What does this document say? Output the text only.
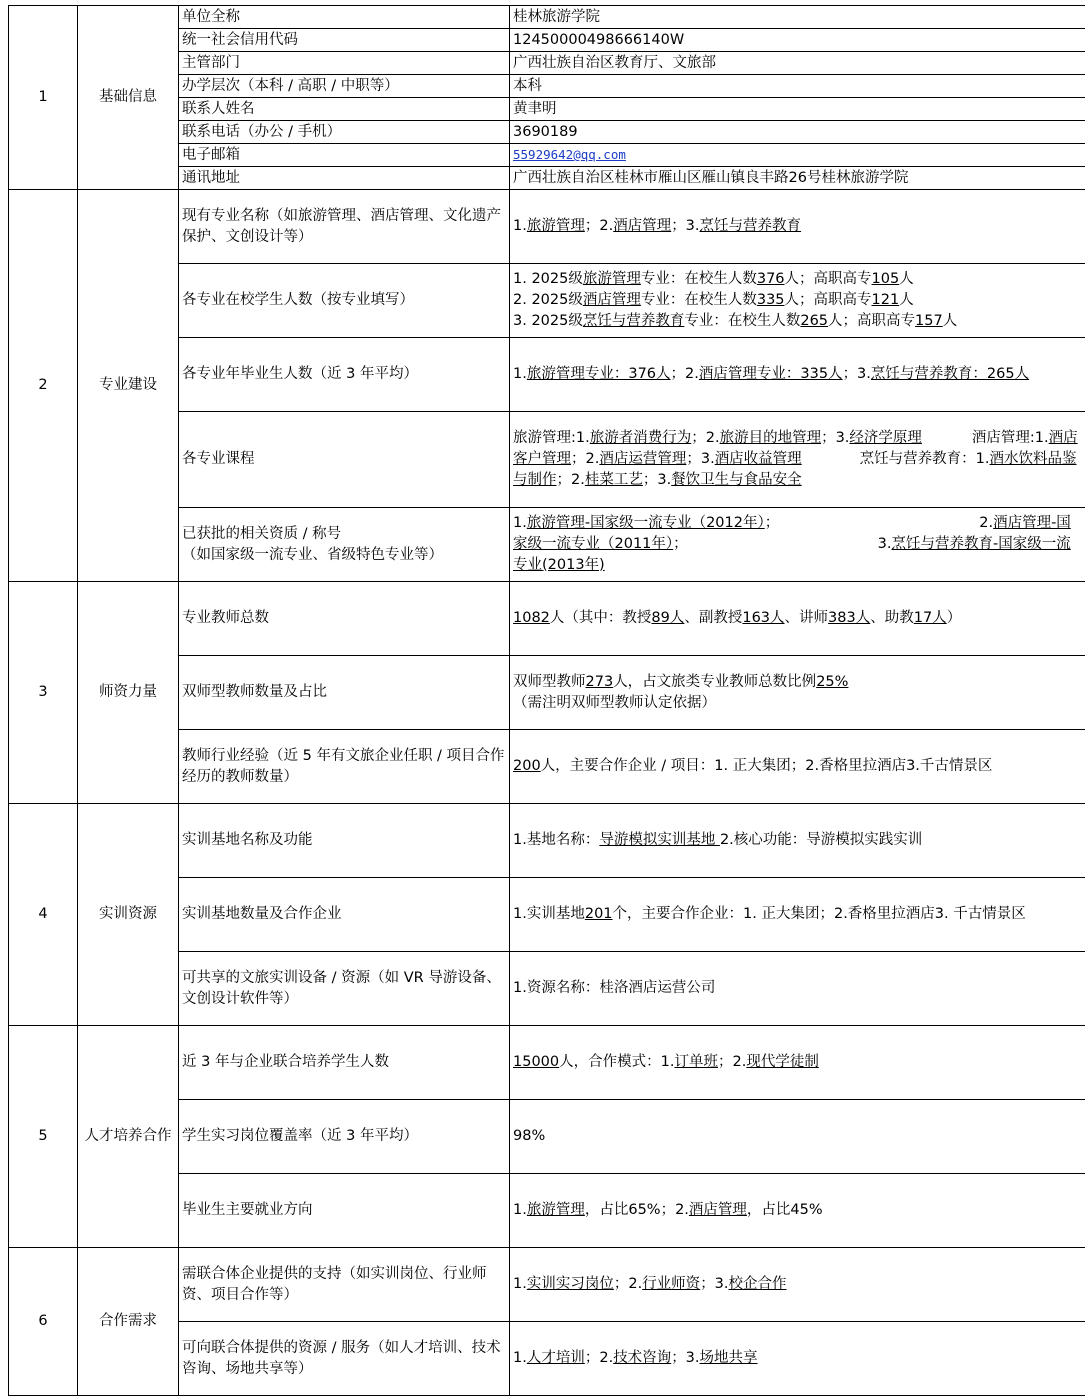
1	基础信息	单位全称	桂林旅游学院
		统一社会信用代码	12450000498666140W
		主管部门	广西壮族自治区教育厅、文旅部
		办学层次（本科 / 高职 / 中职等）	本科
		联系人姓名	黄聿明
		联系电话（办公 / 手机）	3690189
		电子邮箱	55929642@qq.com
		通讯地址	广西壮族自治区桂林市雁山区雁山镇良丰路26号桂林旅游学院
2	专业建设	现有专业名称（如旅游管理、酒店管理、文化遗产保护、文创设计等）	1.旅游管理；2.酒店管理；3.烹饪与营养教育
		各专业在校学生人数（按专业填写）	1. 2025级旅游管理专业：在校生人数376人；高职高专105人
2. 2025级酒店管理专业：在校生人数335人；高职高专121人
3. 2025级烹饪与营养教育专业：在校生人数265人；高职高专157人

		各专业年毕业生人数（近 3 年平均）	1.旅游管理专业：376人；2.酒店管理专业：335人；3.烹饪与营养教育：265人
		各专业课程	旅游管理:1.旅游者消费行为；2.旅游目的地管理；3.经济学原理 酒店管理:1.酒店客户管理；2.酒店运营管理；3.酒店收益管理 烹饪与营养教育：1.酒水饮料品鉴与制作；2.桂菜工艺；3.餐饮卫生与食品安全

		已获批的相关资质 / 称号
（如国家级一流专业、省级特色专业等）	1.旅游管理-国家级一流专业（2012年）； 2.酒店管理-国家级一流专业（2011年）； 3.烹饪与营养教育-国家级一流专业(2013年)
3	师资力量	专业教师总数	1082人（其中：教授89人、副教授163人、讲师383人、助教17人）
		双师型教师数量及占比	双师型教师273人，占文旅类专业教师总数比例25%
（需注明双师型教师认定依据）

		教师行业经验（近 5 年有文旅企业任职 / 项目合作经历的教师数量）	200人，主要合作企业 / 项目：1. 正大集团；2.香格里拉酒店3.千古情景区
4	实训资源	实训基地名称及功能	1.基地名称：导游模拟实训基地 2.核心功能：导游模拟实践实训
		实训基地数量及合作企业	1.实训基地201个，主要合作企业：1. 正大集团；2.香格里拉酒店3. 千古情景区
		可共享的文旅实训设备 / 资源（如 VR 导游设备、文创设计软件等）	1.资源名称：桂洛酒店运营公司
5	人才培养合作	近 3 年与企业联合培养学生人数	15000人，合作模式：1.订单班；2.现代学徒制
		学生实习岗位覆盖率（近 3 年平均）	98%
		毕业生主要就业方向	1.旅游管理，占比65%；2.酒店管理，占比45%
6	合作需求	需联合体企业提供的支持（如实训岗位、行业师资、项目合作等）	1.实训实习岗位；2.行业师资；3.校企合作
		可向联合体提供的资源 / 服务（如人才培训、技术咨询、场地共享等）	1.人才培训；2.技术咨询；3.场地共享
